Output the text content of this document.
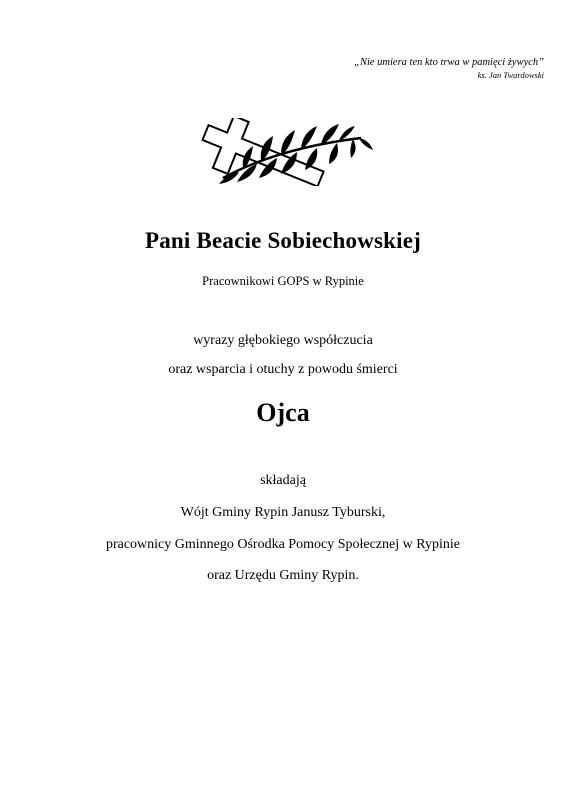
„Nie umiera ten kto trwa w pamięci żywych”
ks. Jan Twardowski
Pani Beacie Sobiechowskiej
Pracownikowi GOPS w Rypinie
wyrazy głębokiego współczucia
oraz wsparcia i otuchy z powodu śmierci
Ojca
składają
Wójt Gminy Rypin Janusz Tyburski,
pracownicy Gminnego Ośrodka Pomocy Społecznej w Rypinie
oraz Urzędu Gminy Rypin.
